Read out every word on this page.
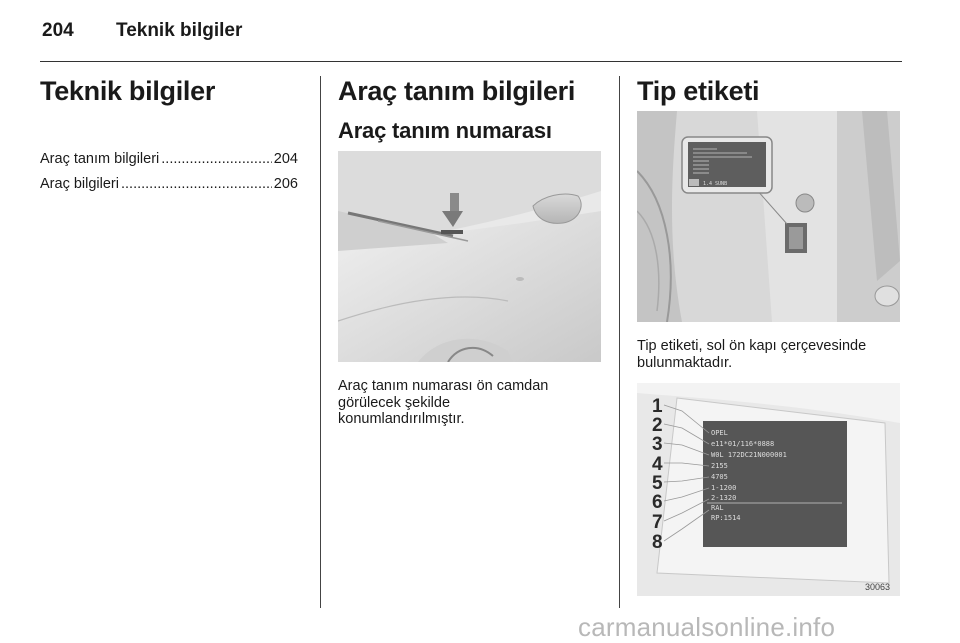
204 Teknik bilgiler
Teknik bilgiler
Araç tanım bilgileri .....	204
Araç bilgileri .....	206
Araç tanım bilgileri
Araç tanım numarası
Araç tanım numarası ön camdan
görülecek şekilde
konumlandırılmıştır.
Tip etiketi
1.4 SUNB
Tip etiketi, sol ön kapı çerçevesinde
bulunmaktadır.
OPEL
e11*01/116*0888
W0L 172DC21N000001
2155
4705
1-1200
2-1320
RAL
RP:1514
1
2
3
4
5
6
7
8
30063
carmanualsonline.info
